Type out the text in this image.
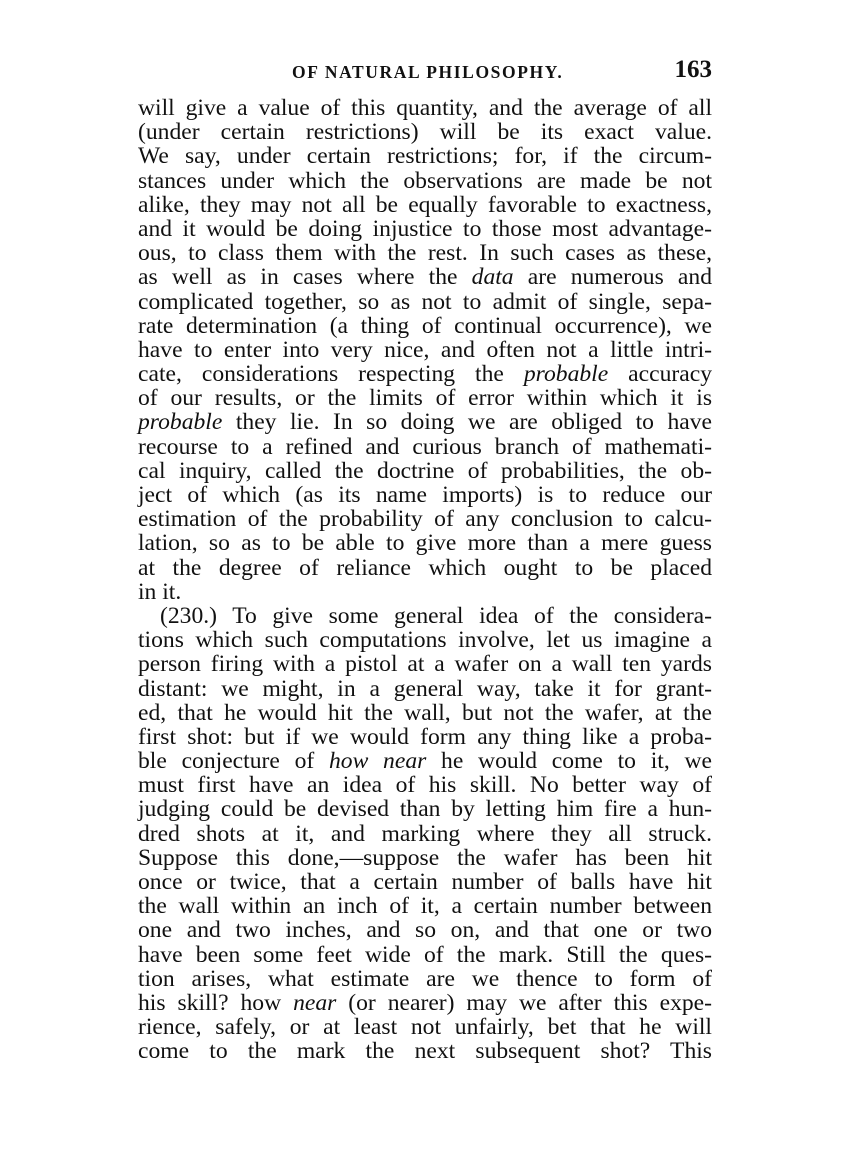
OF NATURAL PHILOSOPHY.	163
will give a value of this quantity, and the average of all
(under certain restrictions) will be its exact value.
We say, under certain restrictions; for, if the circum-
stances under which the observations are made be not
alike, they may not all be equally favorable to exactness,
and it would be doing injustice to those most advantage-
ous, to class them with the rest. In such cases as these,
as well as in cases where the data are numerous and
complicated together, so as not to admit of single, sepa-
rate determination (a thing of continual occurrence), we
have to enter into very nice, and often not a little intri-
cate, considerations respecting the probable accuracy
of our results, or the limits of error within which it is
probable they lie. In so doing we are obliged to have
recourse to a refined and curious branch of mathemati-
cal inquiry, called the doctrine of probabilities, the ob-
ject of which (as its name imports) is to reduce our
estimation of the probability of any conclusion to calcu-
lation, so as to be able to give more than a mere guess
at the degree of reliance which ought to be placed
in it.
(230.) To give some general idea of the considera-
tions which such computations involve, let us imagine a
person firing with a pistol at a wafer on a wall ten yards
distant: we might, in a general way, take it for grant-
ed, that he would hit the wall, but not the wafer, at the
first shot: but if we would form any thing like a proba-
ble conjecture of how near he would come to it, we
must first have an idea of his skill. No better way of
judging could be devised than by letting him fire a hun-
dred shots at it, and marking where they all struck.
Suppose this done,—suppose the wafer has been hit
once or twice, that a certain number of balls have hit
the wall within an inch of it, a certain number between
one and two inches, and so on, and that one or two
have been some feet wide of the mark. Still the ques-
tion arises, what estimate are we thence to form of
his skill? how near (or nearer) may we after this expe-
rience, safely, or at least not unfairly, bet that he will
come to the mark the next subsequent shot? This
